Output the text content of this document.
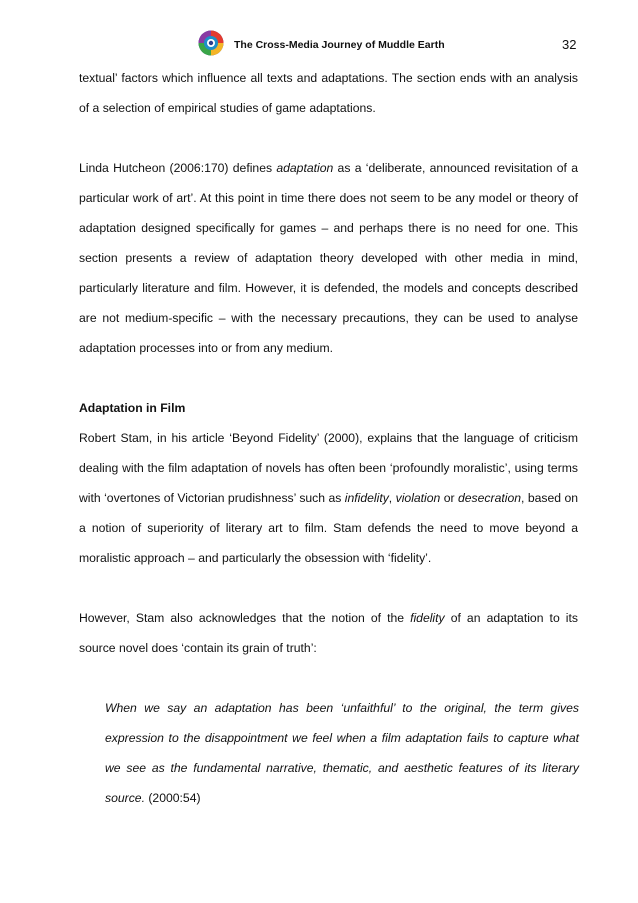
The Cross-Media Journey of Muddle Earth	32

textual’ factors which influence all texts and adaptations. The section ends with an analysis of a selection of empirical studies of game adaptations.

Linda Hutcheon (2006:170) defines adaptation as a ‘deliberate, announced revisitation of a particular work of art’. At this point in time there does not seem to be any model or theory of adaptation designed specifically for games – and perhaps there is no need for one. This section presents a review of adaptation theory developed with other media in mind, particularly literature and film. However, it is defended, the models and concepts described are not medium-specific – with the necessary precautions, they can be used to analyse adaptation processes into or from any medium.

Adaptation in Film

Robert Stam, in his article ‘Beyond Fidelity’ (2000), explains that the language of criticism dealing with the film adaptation of novels has often been ‘profoundly moralistic’, using terms with ‘overtones of Victorian prudishness’ such as infidelity, violation or desecration, based on a notion of superiority of literary art to film. Stam defends the need to move beyond a moralistic approach – and particularly the obsession with ‘fidelity’.

However, Stam also acknowledges that the notion of the fidelity of an adaptation to its source novel does ‘contain its grain of truth’:

When we say an adaptation has been ‘unfaithful’ to the original, the term gives expression to the disappointment we feel when a film adaptation fails to capture what we see as the fundamental narrative, thematic, and aesthetic features of its literary source. (2000:54)
